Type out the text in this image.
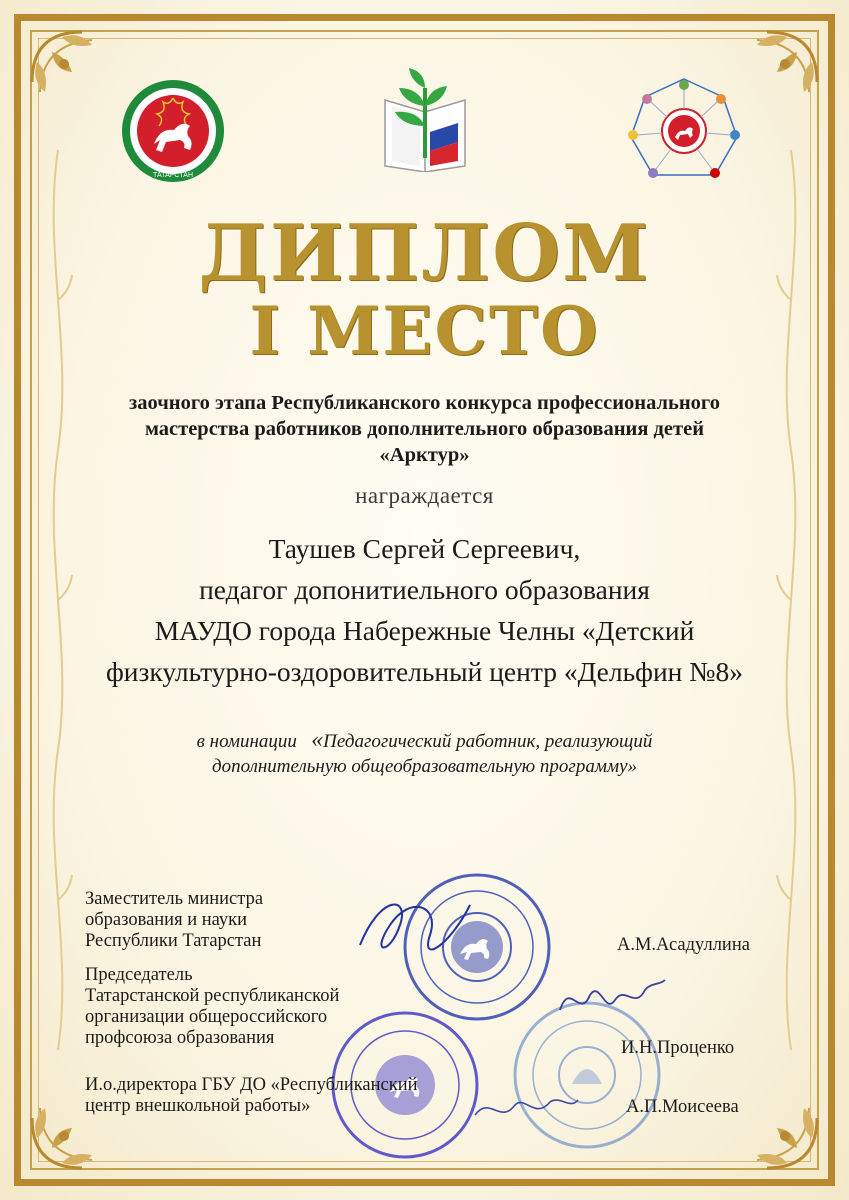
ТАТАРСТАН
ДИПЛОМ
I МЕСТО
заочного этапа Республиканского конкурса профессионального
мастерства работников дополнительного образования детей
«Арктур»
награждается
Таушев Сергей Сергеевич,
педагог допонитиельного образования
МАУДО города Набережные Челны «Детский
физкультурно-оздоровительный центр «Дельфин №8»
в номинации «Педагогический работник, реализующий
дополнительную общеобразовательную программу»
Заместитель министра
образования и науки
Республики Татарстан	А.М.Асадуллина
Председатель
Татарстанской республиканской
организации общероссийского
профсоюза образования	И.Н.Проценко
И.о.директора ГБУ ДО «Республиканский
центр внешкольной работы»	А.П.Моисеева
